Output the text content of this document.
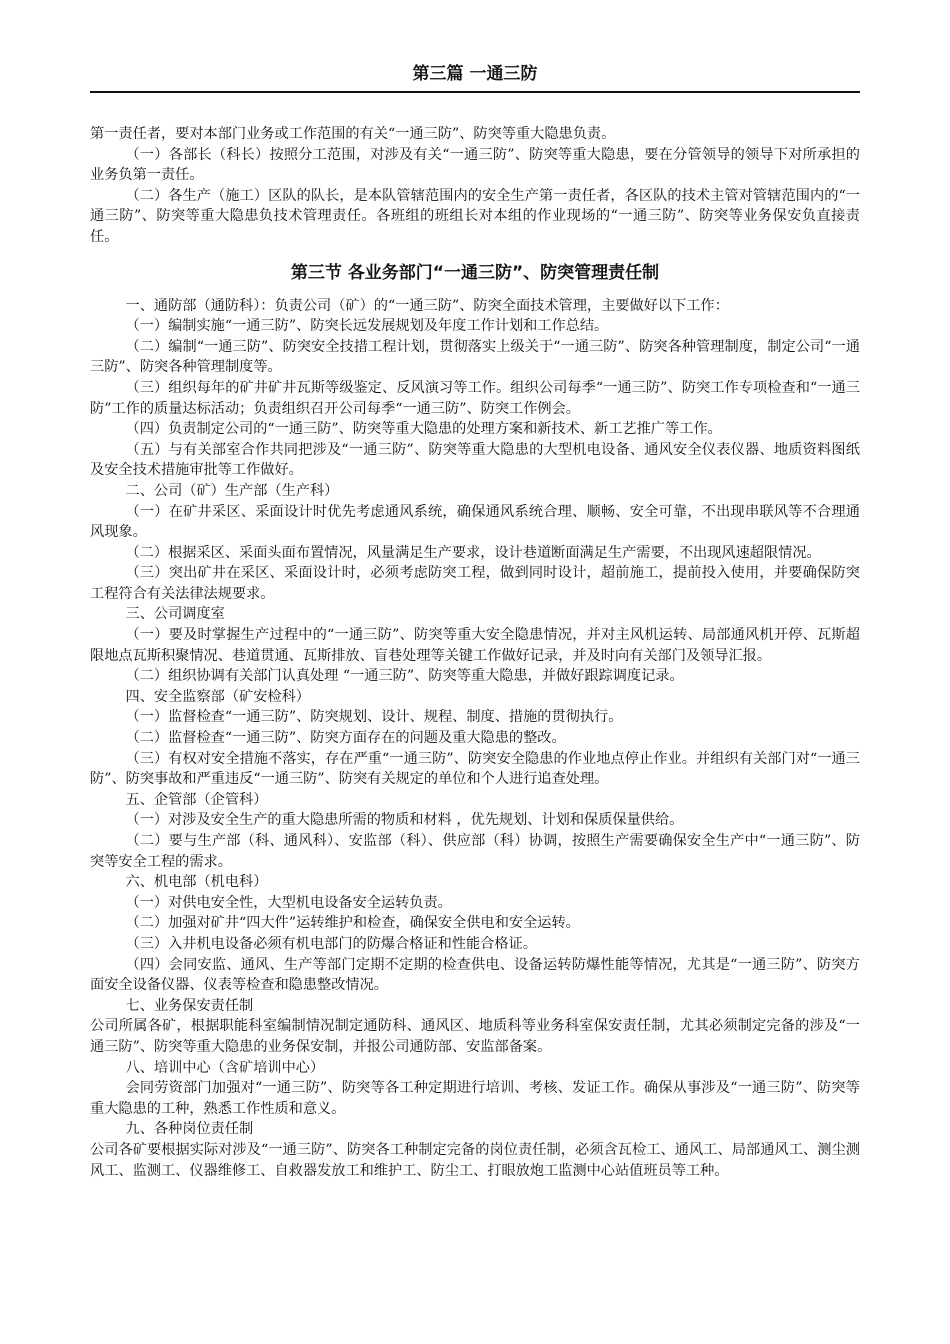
第三篇 一通三防

第一责任者，要对本部门业务或工作范围的有关“一通三防”、防突等重大隐患负责。

（一）各部长（科长）按照分工范围，对涉及有关“一通三防”、防突等重大隐患，要在分管领导的领导下对所承担的业务负第一责任。

（二）各生产（施工）区队的队长，是本队管辖范围内的安全生产第一责任者，各区队的技术主管对管辖范围内的“一通三防”、防突等重大隐患负技术管理责任。各班组的班组长对本组的作业现场的“一通三防”、防突等业务保安负直接责任。

第三节 各业务部门“一通三防”、防突管理责任制

一、通防部（通防科）：负责公司（矿）的“一通三防”、防突全面技术管理，主要做好以下工作：

（一）编制实施“一通三防”、防突长远发展规划及年度工作计划和工作总结。

（二）编制“一通三防”、防突安全技措工程计划，贯彻落实上级关于“一通三防”、防突各种管理制度，制定公司“一通三防”、防突各种管理制度等。

（三）组织每年的矿井矿井瓦斯等级鉴定、反风演习等工作。组织公司每季“一通三防”、防突工作专项检查和“一通三防”工作的质量达标活动；负责组织召开公司每季“一通三防”、防突工作例会。

（四）负责制定公司的“一通三防”、防突等重大隐患的处理方案和新技术、新工艺推广等工作。

（五）与有关部室合作共同把涉及“一通三防”、防突等重大隐患的大型机电设备、通风安全仪表仪器、地质资料图纸及安全技术措施审批等工作做好。

二、公司（矿）生产部（生产科）

（一）在矿井采区、采面设计时优先考虑通风系统，确保通风系统合理、顺畅、安全可靠，不出现串联风等不合理通风现象。

（二）根据采区、采面头面布置情况，风量满足生产要求，设计巷道断面满足生产需要，不出现风速超限情况。

（三）突出矿井在采区、采面设计时，必须考虑防突工程，做到同时设计，超前施工，提前投入使用，并要确保防突工程符合有关法律法规要求。

三、公司调度室

（一）要及时掌握生产过程中的“一通三防”、防突等重大安全隐患情况，并对主风机运转、局部通风机开停、瓦斯超限地点瓦斯积聚情况、巷道贯通、瓦斯排放、盲巷处理等关键工作做好记录，并及时向有关部门及领导汇报。

（二）组织协调有关部门认真处理 “一通三防”、防突等重大隐患，并做好跟踪调度记录。

四、安全监察部（矿安检科）

（一）监督检查“一通三防”、防突规划、设计、规程、制度、措施的贯彻执行。

（二）监督检查“一通三防”、防突方面存在的问题及重大隐患的整改。

（三）有权对安全措施不落实，存在严重“一通三防”、防突安全隐患的作业地点停止作业。并组织有关部门对“一通三防”、防突事故和严重违反“一通三防”、防突有关规定的单位和个人进行追查处理。

五、企管部（企管科）

（一）对涉及安全生产的重大隐患所需的物质和材料 ，优先规划、计划和保质保量供给。

（二）要与生产部（科、通风科）、安监部（科）、供应部（科）协调，按照生产需要确保安全生产中“一通三防”、防突等安全工程的需求。

六、机电部（机电科）

（一）对供电安全性，大型机电设备安全运转负责。

（二）加强对矿井“四大件”运转维护和检查，确保安全供电和安全运转。

（三）入井机电设备必须有机电部门的防爆合格证和性能合格证。

（四）会同安监、通风、生产等部门定期不定期的检查供电、设备运转防爆性能等情况，尤其是“一通三防”、防突方面安全设备仪器、仪表等检查和隐患整改情况。

七、业务保安责任制

公司所属各矿，根据职能科室编制情况制定通防科、通风区、地质科等业务科室保安责任制，尤其必须制定完备的涉及“一通三防”、防突等重大隐患的业务保安制，并报公司通防部、安监部备案。

八、培训中心（含矿培训中心）

会同劳资部门加强对“一通三防”、防突等各工种定期进行培训、考核、发证工作。确保从事涉及“一通三防”、防突等重大隐患的工种，熟悉工作性质和意义。

九、各种岗位责任制

公司各矿要根据实际对涉及“一通三防”、防突各工种制定完备的岗位责任制，必须含瓦检工、通风工、局部通风工、测尘测风工、监测工、仪器维修工、自救器发放工和维护工、防尘工、打眼放炮工监测中心站值班员等工种。
